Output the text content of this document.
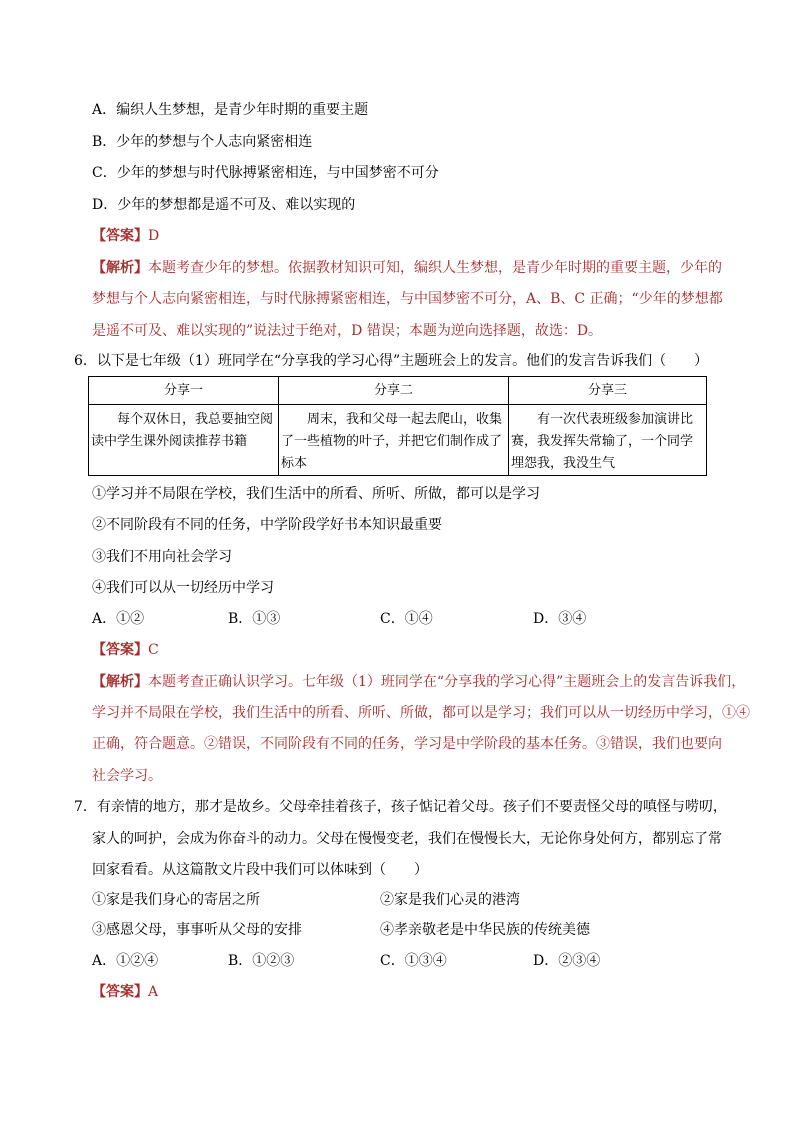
A．编织人生梦想，是青少年时期的重要主题
B．少年的梦想与个人志向紧密相连
C．少年的梦想与时代脉搏紧密相连，与中国梦密不可分
D．少年的梦想都是遥不可及、难以实现的
【答案】D
【解析】本题考查少年的梦想。依据教材知识可知，编织人生梦想，是青少年时期的重要主题，少年的
梦想与个人志向紧密相连，与时代脉搏紧密相连，与中国梦密不可分，A、B、C 正确；“少年的梦想都
是遥不可及、难以实现的”说法过于绝对，D 错误；本题为逆向选择题，故选：D。
6．以下是七年级（1）班同学在“分享我的学习心得”主题班会上的发言。他们的发言告诉我们（　　）
分享一	分享二	分享三

每个双休日，我总要抽空阅读中学生课外阅读推荐书籍	周末，我和父母一起去爬山，收集了一些植物的叶子，并把它们制作成了标本	有一次代表班级参加演讲比赛，我发挥失常输了，一个同学埋怨我，我没生气
①学习并不局限在学校，我们生活中的所看、所听、所做，都可以是学习
②不同阶段有不同的任务，中学阶段学好书本知识最重要
③我们不用向社会学习
④我们可以从一切经历中学习
A．①②	B．①③	C．①④	D．③④
【答案】C
【解析】本题考查正确认识学习。七年级（1）班同学在“分享我的学习心得”主题班会上的发言告诉我们，
学习并不局限在学校，我们生活中的所看、所听、所做，都可以是学习；我们可以从一切经历中学习，①④
正确，符合题意。②错误，不同阶段有不同的任务，学习是中学阶段的基本任务。③错误，我们也要向
社会学习。
7．有亲情的地方，那才是故乡。父母牵挂着孩子，孩子惦记着父母。孩子们不要责怪父母的嗔怪与唠叨，
家人的呵护，会成为你奋斗的动力。父母在慢慢变老，我们在慢慢长大，无论你身处何方，都别忘了常
回家看看。从这篇散文片段中我们可以体味到（　　）
①家是我们身心的寄居之所	②家是我们心灵的港湾
③感恩父母，事事听从父母的安排	④孝亲敬老是中华民族的传统美德
A．①②④	B．①②③	C．①③④	D．②③④
【答案】A
